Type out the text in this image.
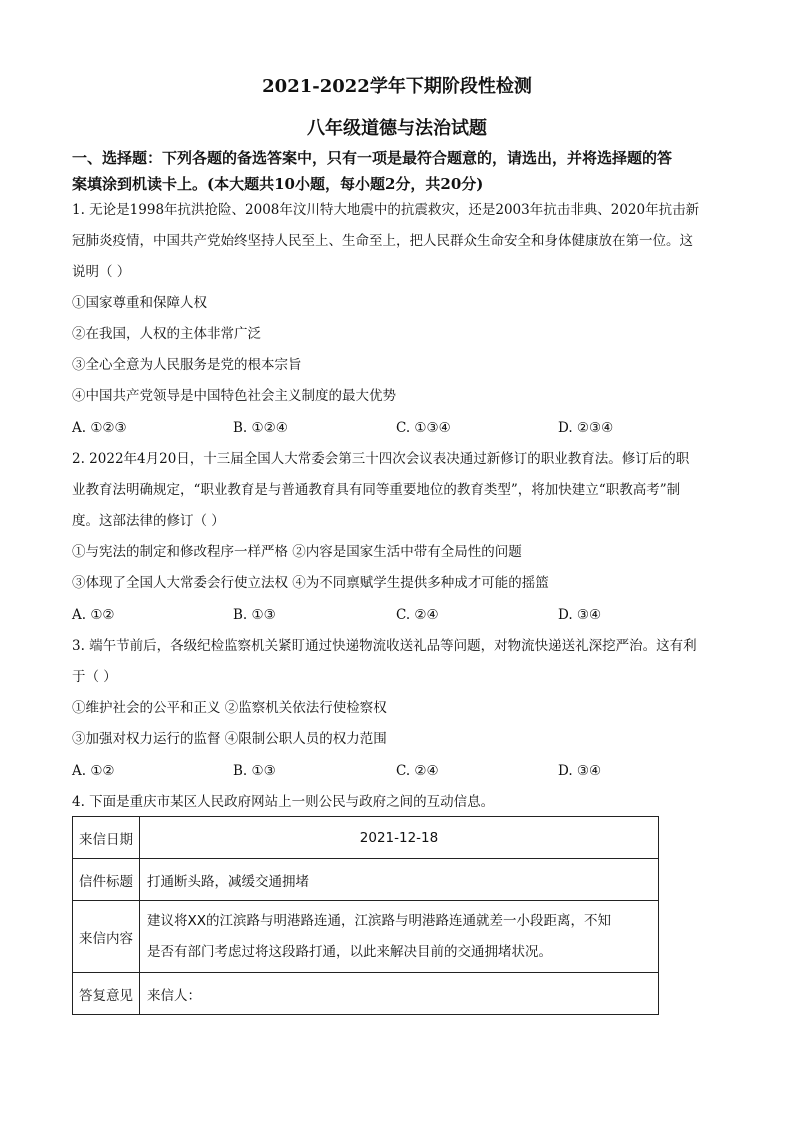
2021-2022学年下期阶段性检测
八年级道德与法治试题
一、选择题：下列各题的备选答案中，只有一项是最符合题意的，请选出，并将选择题的答
案填涂到机读卡上。(本大题共10小题，每小题2分，共20分)
1. 无论是1998年抗洪抢险、2008年汶川特大地震中的抗震救灾，还是2003年抗击非典、2020年抗击新
冠肺炎疫情，中国共产党始终坚持人民至上、生命至上，把人民群众生命安全和身体健康放在第一位。这
说明（ ）
①国家尊重和保障人权
②在我国，人权的主体非常广泛
③全心全意为人民服务是党的根本宗旨
④中国共产党领导是中国特色社会主义制度的最大优势
A. ①②③	B. ①②④	C. ①③④	D. ②③④
2. 2022年4月20日，十三届全国人大常委会第三十四次会议表决通过新修订的职业教育法。修订后的职
业教育法明确规定，“职业教育是与普通教育具有同等重要地位的教育类型”，将加快建立“职教高考”制
度。这部法律的修订（ ）
①与宪法的制定和修改程序一样严格 ②内容是国家生活中带有全局性的问题
③体现了全国人大常委会行使立法权 ④为不同禀赋学生提供多种成才可能的摇篮
A. ①②	B. ①③	C. ②④	D. ③④
3. 端午节前后，各级纪检监察机关紧盯通过快递物流收送礼品等问题，对物流快递送礼深挖严治。这有利
于（ ）
①维护社会的公平和正义 ②监察机关依法行使检察权
③加强对权力运行的监督 ④限制公职人员的权力范围
A. ①②	B. ①③	C. ②④	D. ③④
4. 下面是重庆市某区人民政府网站上一则公民与政府之间的互动信息。
来信日期	2021-12-18
信件标题	打通断头路，减缓交通拥堵
来信内容	建议将XX的江滨路与明港路连通，江滨路与明港路连通就差一小段距离，不知
是否有部门考虑过将这段路打通，以此来解决目前的交通拥堵状况。

答复意见	来信人：
